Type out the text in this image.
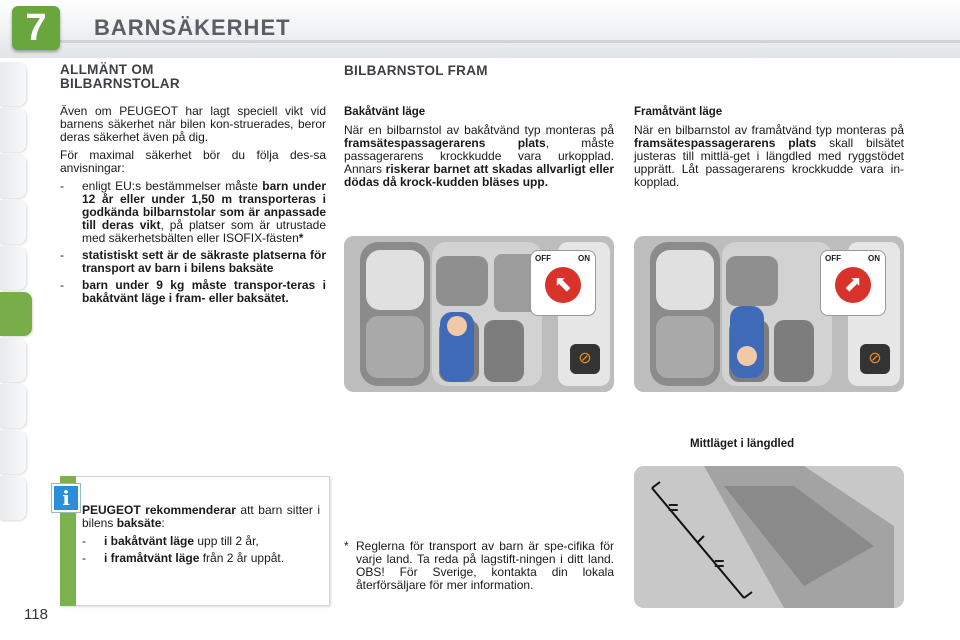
7	BARNSÄKERHET
118
ALLMÄNT OM
BILBARNSTOLAR

Även om PEUGEOT har lagt speciell vikt vid barnens säkerhet när bilen kon-struerades, beror deras säkerhet även på dig.

För maximal säkerhet bör du följa des-sa anvisningar:

-	enligt EU:s bestämmelser måste barn under 12 år eller under 1,50 m transporteras i godkända bilbarnstolar som är anpassade till deras vikt, på platser som är utrustade med säkerhetsbälten eller ISOFIX-fästen*
-	statistiskt sett är de säkraste platserna för transport av barn i bilens baksäte
-	barn under 9 kg måste transpor-teras i bakåtvänt läge i fram- eller baksätet.
i	PEUGEOT rekommenderar att barn sitter i bilens baksäte:

-	i bakåtvänt läge upp till 2 år,
-	i framåtvänt läge från 2 år uppåt.
BILBARNSTOL FRAM
Bakåtvänt läge

När en bilbarnstol av bakåtvänd typ monteras på framsätespassagerarens plats, måste passagerarens krockkudde vara urkopplad. Annars riskerar barnet att skadas allvarligt eller dödas då krock-kudden bläses upp.

Framåtvänt läge

När en bilbarnstol av framåtvänd typ monteras på framsätespassagerarens plats skall bilsätet justeras till mittlä-get i längdled med ryggstödet upprätt. Låt passagerarens krockkudde vara in-kopplad.

OFF	ON
⬉
⊘
OFF	ON
⬈
⊘
Mittläget i längdled
=
=
* Reglerna för transport av barn är spe-cifika för varje land. Ta reda på lagstift-ningen i ditt land. OBS! För Sverige, kontakta din lokala återförsäljare för mer information.
